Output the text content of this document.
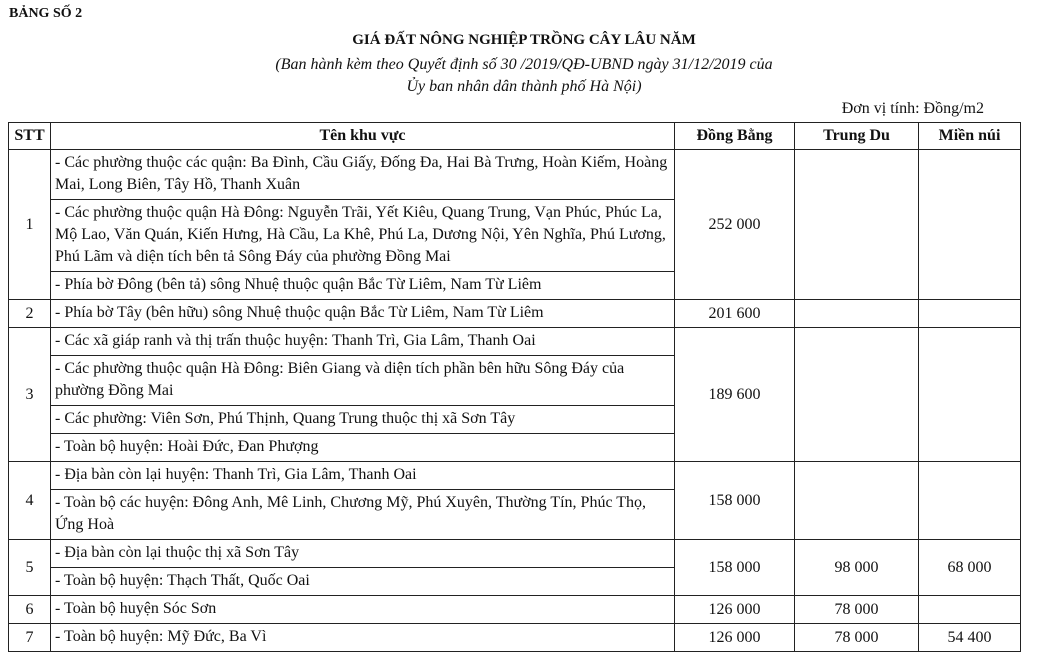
BẢNG SỐ 2
GIÁ ĐẤT NÔNG NGHIỆP TRỒNG CÂY LÂU NĂM
(Ban hành kèm theo Quyết định số 30 /2019/QĐ-UBND ngày 31/12/2019 của
Ủy ban nhân dân thành phố Hà Nội)
Đơn vị tính: Đồng/m2
STT	Tên khu vực	Đồng Bằng	Trung Du	Miền núi
1	- Các phường thuộc các quận: Ba Đình, Cầu Giấy, Đống Đa, Hai Bà Trưng, Hoàn Kiếm, Hoàng Mai, Long Biên, Tây Hồ, Thanh Xuân
- Các phường thuộc quận Hà Đông: Nguyễn Trãi, Yết Kiêu, Quang Trung, Vạn Phúc, Phúc La, Mộ Lao, Văn Quán, Kiến Hưng, Hà Cầu, La Khê, Phú La, Dương Nội, Yên Nghĩa, Phú Lương, Phú Lãm và diện tích bên tả Sông Đáy của phường Đồng Mai
- Phía bờ Đông (bên tả) sông Nhuệ thuộc quận Bắc Từ Liêm, Nam Từ Liêm	252 000		
2	- Phía bờ Tây (bên hữu) sông Nhuệ thuộc quận Bắc Từ Liêm, Nam Từ Liêm	201 600		
3	- Các xã giáp ranh và thị trấn thuộc huyện: Thanh Trì, Gia Lâm, Thanh Oai
- Các phường thuộc quận Hà Đông: Biên Giang và diện tích phần bên hữu Sông Đáy của phường Đồng Mai
- Các phường: Viên Sơn, Phú Thịnh, Quang Trung thuộc thị xã Sơn Tây
- Toàn bộ huyện: Hoài Đức, Đan Phượng	189 600		
4	- Địa bàn còn lại huyện: Thanh Trì, Gia Lâm, Thanh Oai
- Toàn bộ các huyện: Đông Anh, Mê Linh, Chương Mỹ, Phú Xuyên, Thường Tín, Phúc Thọ, Ứng Hoà	158 000		
5	- Địa bàn còn lại thuộc thị xã Sơn Tây
- Toàn bộ huyện: Thạch Thất, Quốc Oai	158 000	98 000	68 000
6	- Toàn bộ huyện Sóc Sơn	126 000	78 000	
7	- Toàn bộ huyện: Mỹ Đức, Ba Vì	126 000	78 000	54 400
